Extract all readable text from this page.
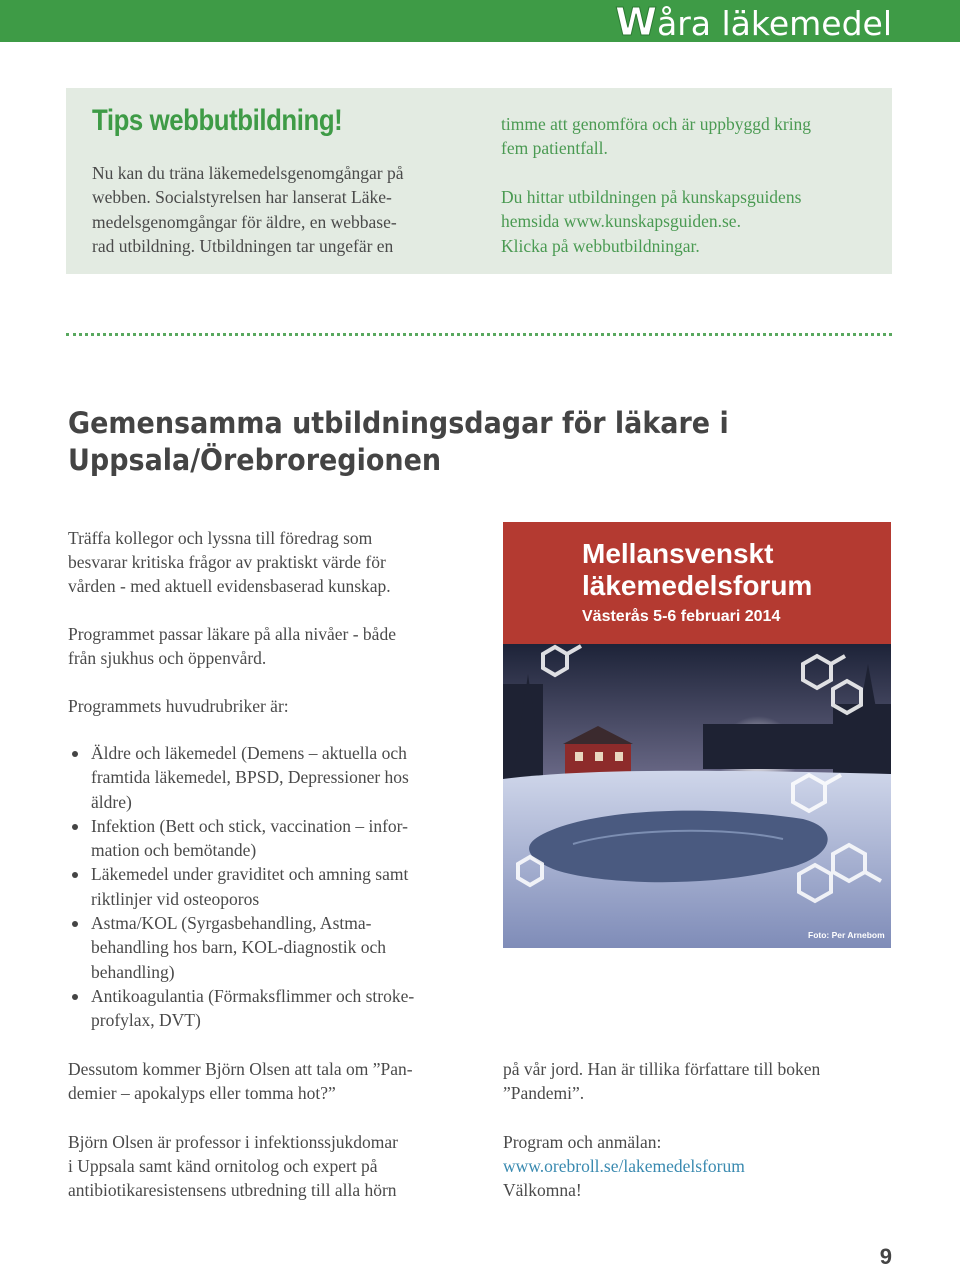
Wåra läkemedel
Tips webbutbildning!
Nu kan du träna läkemedelsgenomgångar på
webben. Socialstyrelsen har lanserat Läke-
medelsgenomgångar för äldre, en webbase-
rad utbildning. Utbildningen tar ungefär en
timme att genomföra och är uppbyggd kring
fem patientfall.
Du hittar utbildningen på kunskapsguidens
hemsida www.kunskapsguiden.se.
Klicka på webbutbildningar.
Gemensamma utbildningsdagar för läkare i
Uppsala/Örebroregionen
Träffa kollegor och lyssna till föredrag som
besvarar kritiska frågor av praktiskt värde för
vården - med aktuell evidensbaserad kunskap.
Programmet passar läkare på alla nivåer - både
från sjukhus och öppenvård.
Programmets huvudrubriker är:
Äldre och läkemedel (Demens – aktuella och
framtida läkemedel, BPSD, Depressioner hos
äldre)
Infektion (Bett och stick, vaccination – infor-
mation och bemötande)
Läkemedel under graviditet och amning samt
riktlinjer vid osteoporos
Astma/KOL (Syrgasbehandling, Astma-
behandling hos barn, KOL-diagnostik och
behandling)
Antikoagulantia (Förmaksflimmer och stroke-
profylax, DVT)
Dessutom kommer Björn Olsen att tala om ”Pan-
demier – apokalyps eller tomma hot?”
Björn Olsen är professor i infektionssjukdomar
i Uppsala samt känd ornitolog och expert på
antibiotikaresistensens utbredning till alla hörn
på vår jord. Han är tillika författare till boken
”Pandemi”.
Program och anmälan:
www.orebroll.se/lakemedelsforum
Välkomna!
Mellansvenskt
läkemedelsforum
Västerås 5-6 februari 2014
Foto: Per Arnebom
9
